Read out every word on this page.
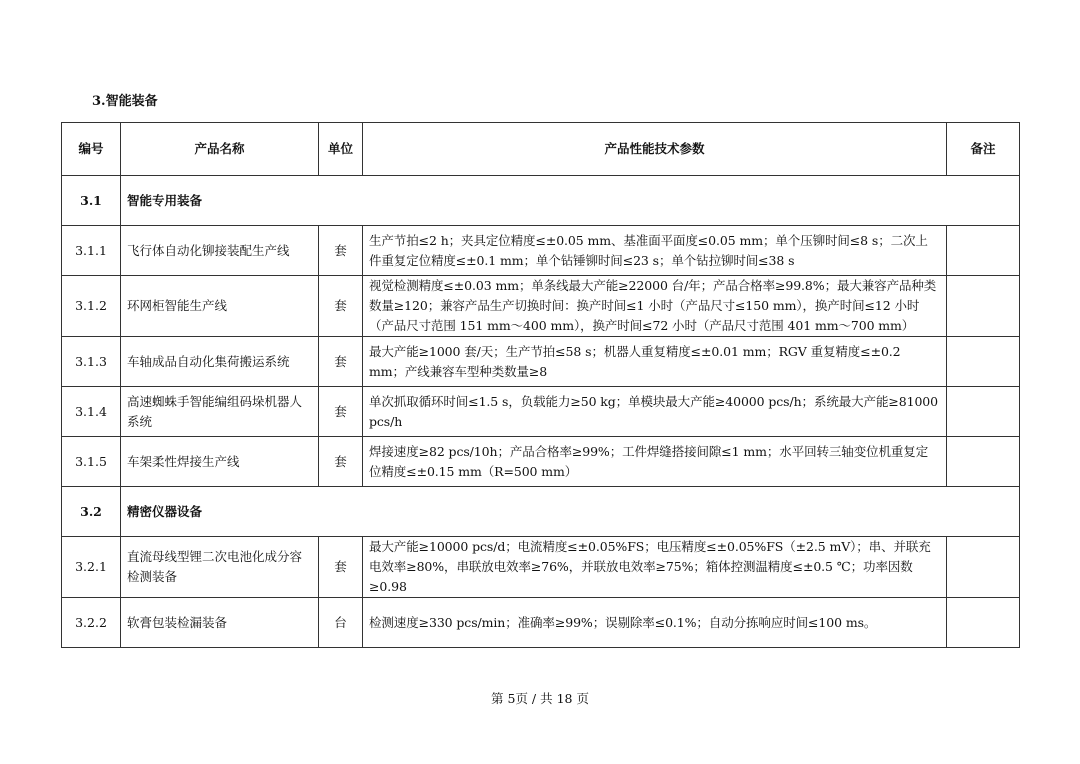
3.智能装备
编号	产品名称	单位	产品性能技术参数	备注
3.1	智能专用装备			
3.1.1	飞行体自动化铆接装配生产线	套	生产节拍≤2 h；夹具定位精度≤±0.05 mm、基准面平面度≤0.05 mm；单个压铆时间≤8 s；二次上件重复定位精度≤±0.1 mm；单个钻锤铆时间≤23 s；单个钻拉铆时间≤38 s	
3.1.2	环网柜智能生产线	套	视觉检测精度≤±0.03 mm；单条线最大产能≥22000 台/年；产品合格率≥99.8%；最大兼容产品种类数量≥120；兼容产品生产切换时间：换产时间≤1 小时（产品尺寸≤150 mm），换产时间≤12 小时（产品尺寸范围 151 mm～400 mm），换产时间≤72 小时（产品尺寸范围 401 mm～700 mm）	
3.1.3	车轴成品自动化集荷搬运系统	套	最大产能≥1000 套/天；生产节拍≤58 s；机器人重复精度≤±0.01 mm；RGV 重复精度≤±0.2 mm；产线兼容车型种类数量≥8	
3.1.4	高速蜘蛛手智能编组码垛机器人系统	套	单次抓取循环时间≤1.5 s，负载能力≥50 kg；单模块最大产能≥40000 pcs/h；系统最大产能≥81000 pcs/h	
3.1.5	车架柔性焊接生产线	套	焊接速度≥82 pcs/10h；产品合格率≥99%；工件焊缝搭接间隙≤1 mm；水平回转三轴变位机重复定位精度≤±0.15 mm（R=500 mm）	
3.2	精密仪器设备			
3.2.1	直流母线型锂二次电池化成分容检测装备	套	最大产能≥10000 pcs/d；电流精度≤±0.05%FS；电压精度≤±0.05%FS（±2.5 mV）；串、并联充电效率≥80%，串联放电效率≥76%，并联放电效率≥75%；箱体控测温精度≤±0.5 ℃；功率因数≥0.98	
3.2.2	软膏包装检漏装备	台	检测速度≥330 pcs/min；准确率≥99%；误剔除率≤0.1%；自动分拣响应时间≤100 ms。	
第 5页 / 共 18 页
